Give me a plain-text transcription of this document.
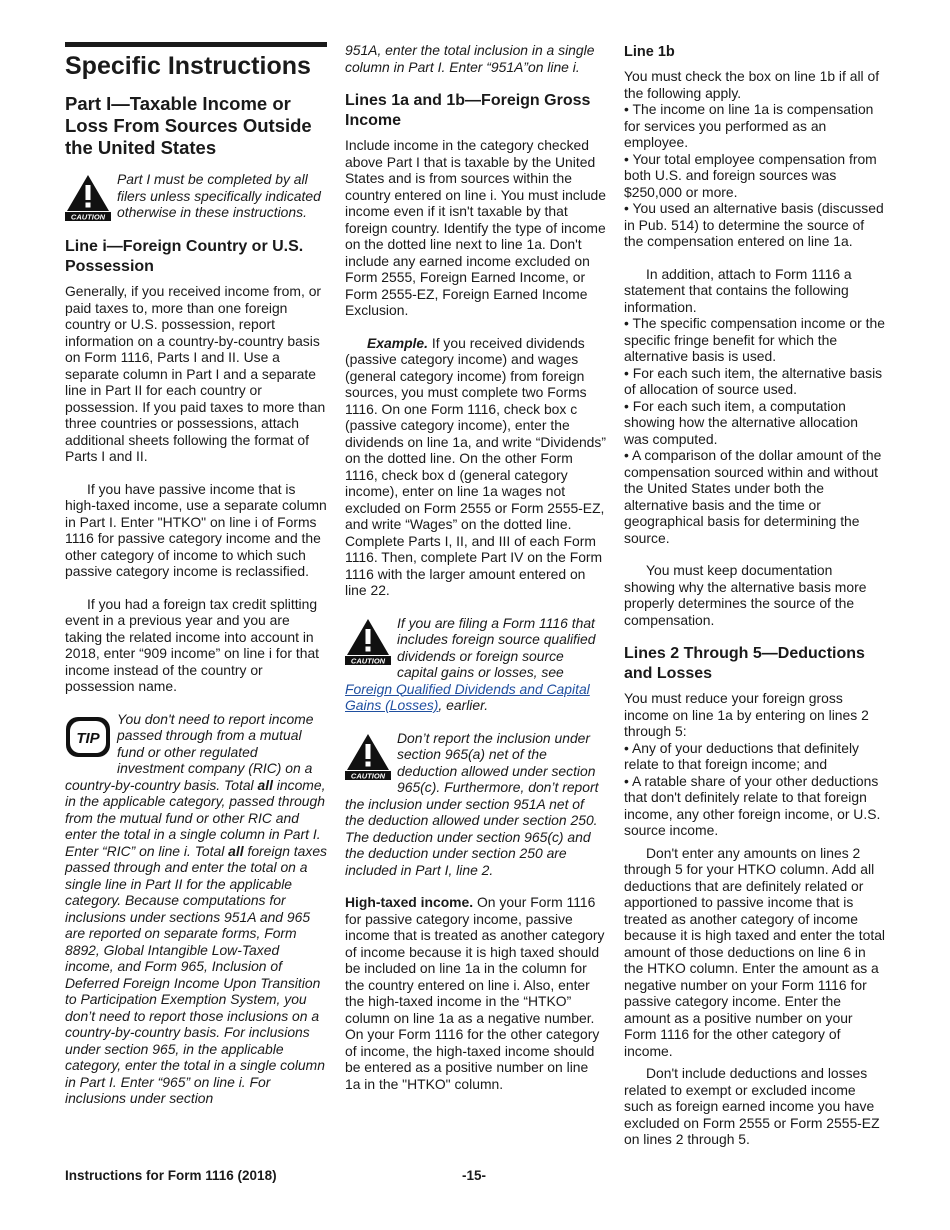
Specific Instructions
Part I—Taxable Income or Loss From Sources Outside the United States
CAUTION
Part I must be completed by all filers unless specifically indicated otherwise in these instructions.
Line i—Foreign Country or U.S. Possession

Generally, if you received income from, or paid taxes to, more than one foreign country or U.S. possession, report information on a country-by-country basis on Form 1116, Parts I and II. Use a separate column in Part I and a separate line in Part II for each country or possession. If you paid taxes to more than three countries or possessions, attach additional sheets following the format of Parts I and II.

If you have passive income that is high-taxed income, use a separate column in Part I. Enter "HTKO" on line i of Forms 1116 for passive category income and the other category of income to which such passive category income is reclassified.

If you had a foreign tax credit splitting event in a previous year and you are taking the related income into account in 2018, enter “909 income” on line i for that income instead of the country or possession name.

TIP
You don't need to report income passed through from a mutual fund or other regulated investment company (RIC) on a country-by-country basis. Total all income, in the applicable category, passed through from the mutual fund or other RIC and enter the total in a single column in Part I. Enter “RIC” on line i. Total all foreign taxes passed through and enter the total on a single line in Part II for the applicable category. Because computations for inclusions under sections 951A and 965 are reported on separate forms, Form 8892, Global Intangible Low-Taxed income, and Form 965, Inclusion of Deferred Foreign Income Upon Transition to Participation Exemption System, you don’t need to report those inclusions on a country-by-country basis. For inclusions under section 965, in the applicable category, enter the total in a single column in Part I. Enter “965” on line i. For inclusions under section

951A, enter the total inclusion in a single column in Part I. Enter “951A”on line i.

Lines 1a and 1b—Foreign Gross Income

Include income in the category checked above Part I that is taxable by the United States and is from sources within the country entered on line i. You must include income even if it isn't taxable by that foreign country. Identify the type of income on the dotted line next to line 1a. Don't include any earned income excluded on Form 2555, Foreign Earned Income, or Form 2555-EZ, Foreign Earned Income Exclusion.

Example. If you received dividends (passive category income) and wages (general category income) from foreign sources, you must complete two Forms 1116. On one Form 1116, check box c (passive category income), enter the dividends on line 1a, and write “Dividends” on the dotted line. On the other Form 1116, check box d (general category income), enter on line 1a wages not excluded on Form 2555 or Form 2555-EZ, and write “Wages” on the dotted line. Complete Parts I, II, and III of each Form 1116. Then, complete Part IV on the Form 1116 with the larger amount entered on line 22.

CAUTION
If you are filing a Form 1116 that includes foreign source qualified dividends or foreign source capital gains or losses, see Foreign Qualified Dividends and Capital Gains (Losses), earlier.
CAUTION
Don’t report the inclusion under section 965(a) net of the deduction allowed under section 965(c). Furthermore, don’t report the inclusion under section 951A net of the deduction allowed under section 250. The deduction under section 965(c) and the deduction under section 250 are included in Part I, line 2.

High-taxed income. On your Form 1116 for passive category income, passive income that is treated as another category of income because it is high taxed should be included on line 1a in the column for the country entered on line i. Also, enter the high-taxed income in the “HTKO” column on line 1a as a negative number. On your Form 1116 for the other category of income, the high-taxed income should be entered as a positive number on line 1a in the "HTKO" column.

Line 1b
You must check the box on line 1b if all of the following apply.
• The income on line 1a is compensation for services you performed as an employee.
• Your total employee compensation from both U.S. and foreign sources was $250,000 or more.
• You used an alternative basis (discussed in Pub. 514) to determine the source of the compensation entered on line 1a.
In addition, attach to Form 1116 a statement that contains the following information.
• The specific compensation income or the specific fringe benefit for which the alternative basis is used.
• For each such item, the alternative basis of allocation of source used.
• For each such item, a computation showing how the alternative allocation was computed.
• A comparison of the dollar amount of the compensation sourced within and without the United States under both the alternative basis and the time or geographical basis for determining the source.

You must keep documentation showing why the alternative basis more properly determines the source of the compensation.

Lines 2 Through 5—Deductions and Losses
You must reduce your foreign gross income on line 1a by entering on lines 2 through 5:
• Any of your deductions that definitely relate to that foreign income; and
• A ratable share of your other deductions that don't definitely relate to that foreign income, any other foreign income, or U.S. source income.

Don't enter any amounts on lines 2 through 5 for your HTKO column. Add all deductions that are definitely related or apportioned to passive income that is treated as another category of income because it is high taxed and enter the total amount of those deductions on line 6 in the HTKO column. Enter the amount as a negative number on your Form 1116 for passive category income. Enter the amount as a positive number on your Form 1116 for the other category of income.

Don't include deductions and losses related to exempt or excluded income such as foreign earned income you have excluded on Form 2555 or Form 2555-EZ on lines 2 through 5.

Instructions for Form 1116 (2018)	-15-
